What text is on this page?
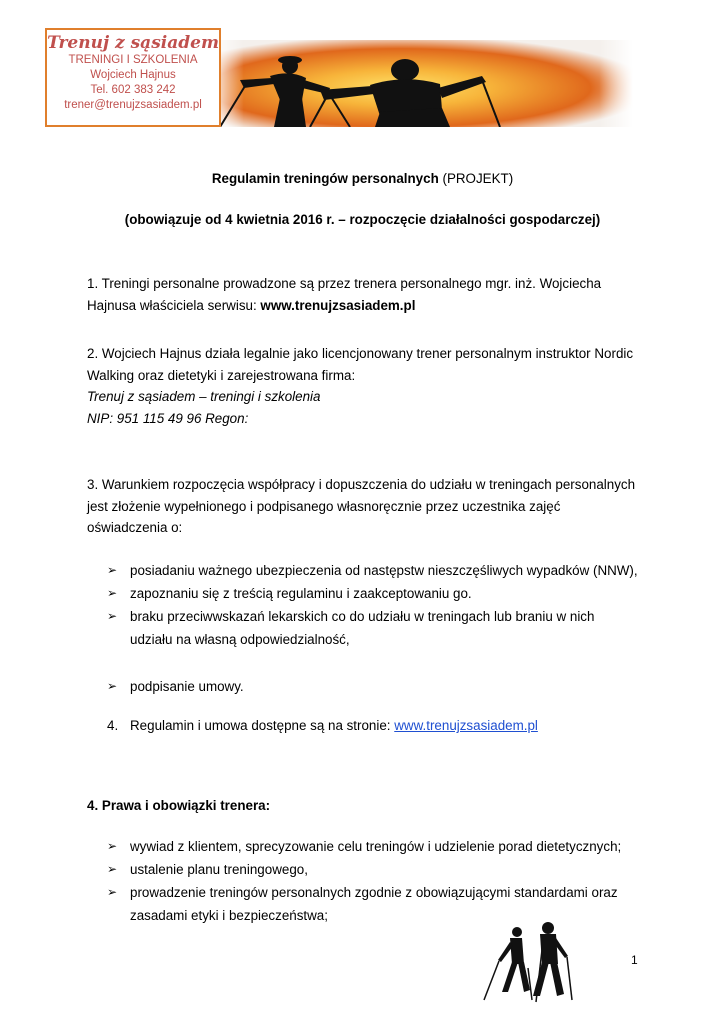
Trenuj z sąsiadem
TRENINGI I SZKOLENIA
Wojciech Hajnus
Tel. 602 383 242
trener@trenujzsasiadem.pl
Regulamin treningów personalnych (PROJEKT)
(obowiązuje od 4 kwietnia 2016 r. – rozpoczęcie działalności gospodarczej)
1. Treningi personalne prowadzone są przez trenera personalnego mgr. inż. Wojciecha
Hajnusa właściciela serwisu: www.trenujzsasiadem.pl
2. Wojciech Hajnus działa legalnie jako licencjonowany trener personalnym instruktor Nordic
Walking oraz dietetyki i zarejestrowana firma:
Trenuj z sąsiadem – treningi i szkolenia
NIP: 951 115 49 96 Regon:
3. Warunkiem rozpoczęcia współpracy i dopuszczenia do udziału w treningach personalnych
jest złożenie wypełnionego i podpisanego własnoręcznie przez uczestnika zajęć
oświadczenia o:
➢ posiadaniu ważnego ubezpieczenia od następstw nieszczęśliwych wypadków (NNW),
➢ zapoznaniu się z treścią regulaminu i zaakceptowaniu go.
➢ braku przeciwwskazań lekarskich co do udziału w treningach lub braniu w nich
udziału na własną odpowiedzialność,
➢ podpisanie umowy.
4. Regulamin i umowa dostępne są na stronie: www.trenujzsasiadem.pl
4. Prawa i obowiązki trenera:
➢ wywiad z klientem, sprecyzowanie celu treningów i udzielenie porad dietetycznych;
➢ ustalenie planu treningowego,
➢ prowadzenie treningów personalnych zgodnie z obowiązującymi standardami oraz
zasadami etyki i bezpieczeństwa;
1
